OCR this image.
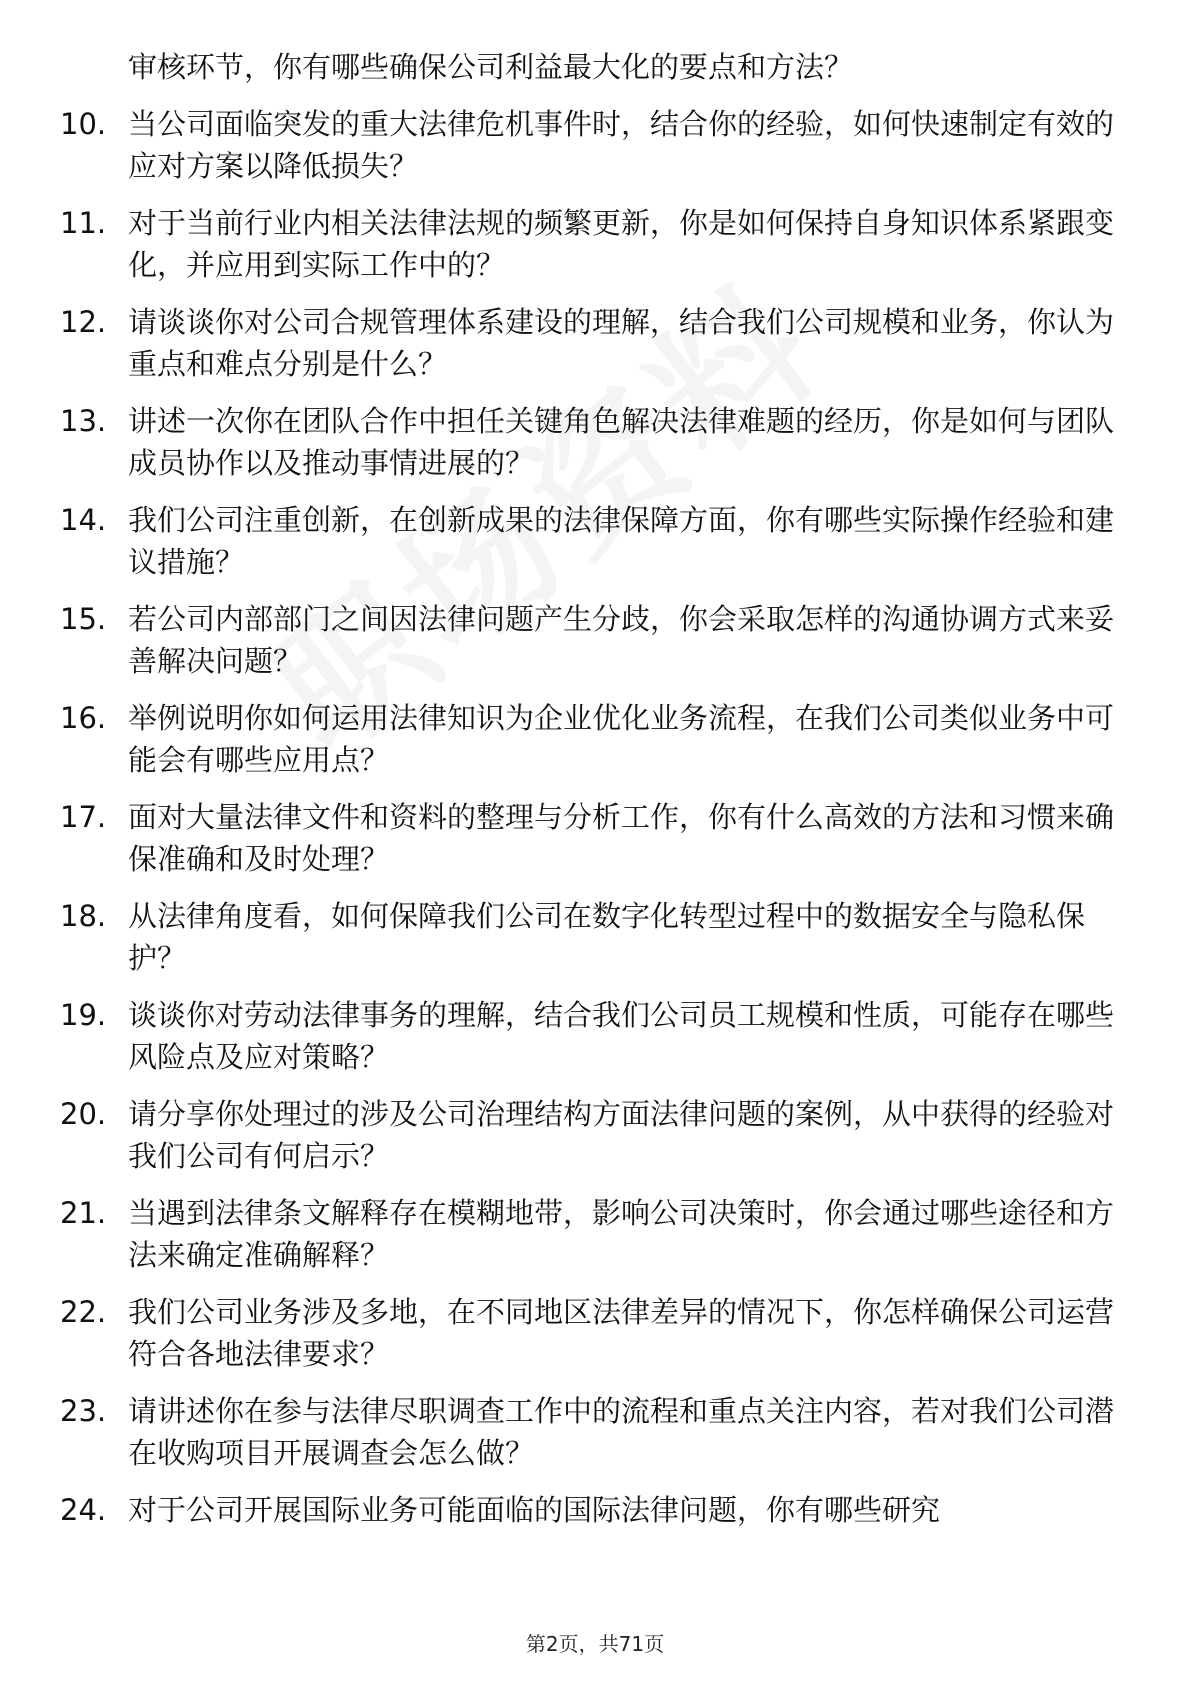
审核环节，你有哪些确保公司利益最大化的要点和方法？

10. 当公司面临突发的重大法律危机事件时，结合你的经验，如何快速制定有效的应对方案以降低损失？
11. 对于当前行业内相关法律法规的频繁更新，你是如何保持自身知识体系紧跟变化，并应用到实际工作中的？
12. 请谈谈你对公司合规管理体系建设的理解，结合我们公司规模和业务，你认为重点和难点分别是什么？
13. 讲述一次你在团队合作中担任关键角色解决法律难题的经历，你是如何与团队成员协作以及推动事情进展的？
14. 我们公司注重创新，在创新成果的法律保障方面，你有哪些实际操作经验和建议措施？
15. 若公司内部部门之间因法律问题产生分歧，你会采取怎样的沟通协调方式来妥善解决问题？
16. 举例说明你如何运用法律知识为企业优化业务流程，在我们公司类似业务中可能会有哪些应用点？
17. 面对大量法律文件和资料的整理与分析工作，你有什么高效的方法和习惯来确保准确和及时处理？
18. 从法律角度看，如何保障我们公司在数字化转型过程中的数据安全与隐私保护？
19. 谈谈你对劳动法律事务的理解，结合我们公司员工规模和性质，可能存在哪些风险点及应对策略？
20. 请分享你处理过的涉及公司治理结构方面法律问题的案例，从中获得的经验对我们公司有何启示？
21. 当遇到法律条文解释存在模糊地带，影响公司决策时，你会通过哪些途径和方法来确定准确解释？
22. 我们公司业务涉及多地，在不同地区法律差异的情况下，你怎样确保公司运营符合各地法律要求？
23. 请讲述你在参与法律尽职调查工作中的流程和重点关注内容，若对我们公司潜在收购项目开展调查会怎么做？
24. 对于公司开展国际业务可能面临的国际法律问题，你有哪些研究
第2页，共71页
